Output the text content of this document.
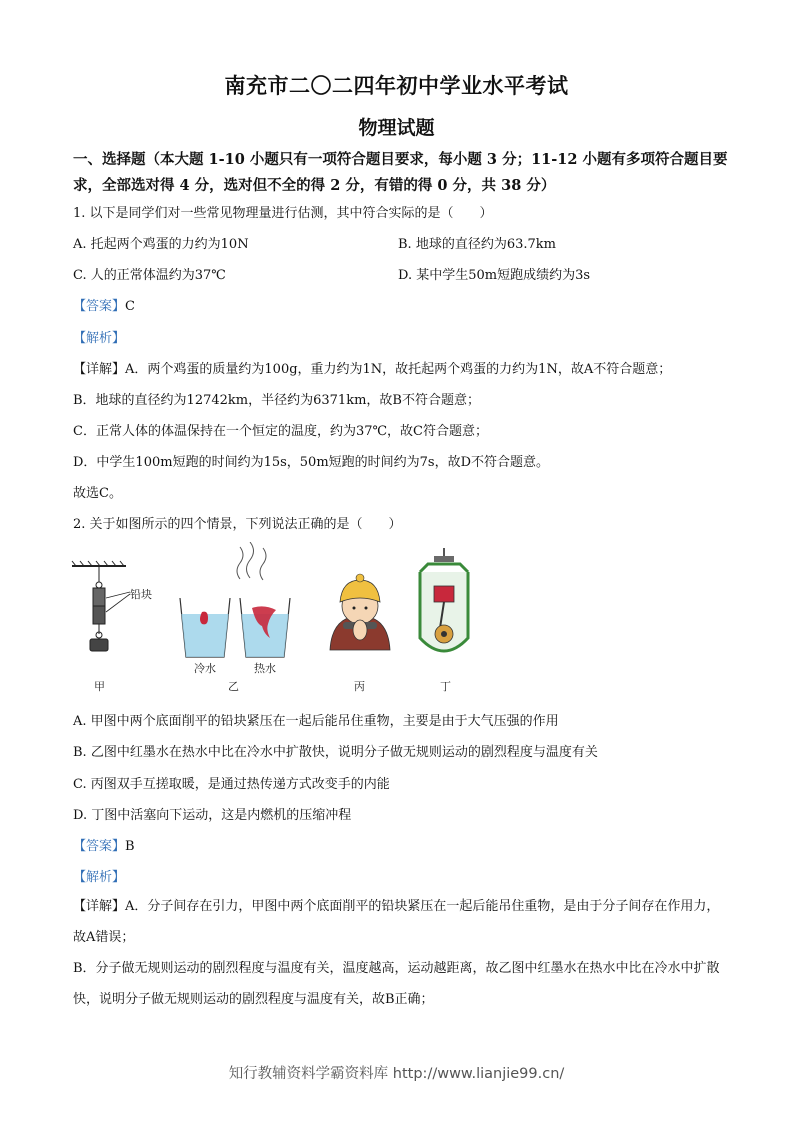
南充市二〇二四年初中学业水平考试
物理试题
一、选择题（本大题 1-10 小题只有一项符合题目要求，每小题 3 分；11-12 小题有多项符合题目要求，全部选对得 4 分，选对但不全的得 2 分，有错的得 0 分，共 38 分）
1. 以下是同学们对一些常见物理量进行估测，其中符合实际的是（　　）
A. 托起两个鸡蛋的力约为10N	B. 地球的直径约为63.7km
C. 人的正常体温约为37℃	D. 某中学生50m短跑成绩约为3s
【答案】C
【解析】
【详解】A．两个鸡蛋的质量约为100g，重力约为1N，故托起两个鸡蛋的力约为1N，故A不符合题意；
B．地球的直径约为12742km，半径约为6371km，故B不符合题意；
C．正常人体的体温保持在一个恒定的温度，约为37℃，故C符合题意；
D．中学生100m短跑的时间约为15s，50m短跑的时间约为7s，故D不符合题意。
故选C。
2. 关于如图所示的四个情景，下列说法正确的是（　　）
铅块
甲
冷水	热水
乙	丙	丁
A. 甲图中两个底面削平的铅块紧压在一起后能吊住重物，主要是由于大气压强的作用
B. 乙图中红墨水在热水中比在冷水中扩散快，说明分子做无规则运动的剧烈程度与温度有关
C. 丙图双手互搓取暖，是通过热传递方式改变手的内能
D. 丁图中活塞向下运动，这是内燃机的压缩冲程
【答案】B
【解析】
【详解】A．分子间存在引力，甲图中两个底面削平的铅块紧压在一起后能吊住重物，是由于分子间存在作用力，故A错误；
B．分子做无规则运动的剧烈程度与温度有关，温度越高，运动越距离，故乙图中红墨水在热水中比在冷水中扩散快，说明分子做无规则运动的剧烈程度与温度有关，故B正确；
知行教辅资料学霸资料库 http://www.lianjie99.cn/
